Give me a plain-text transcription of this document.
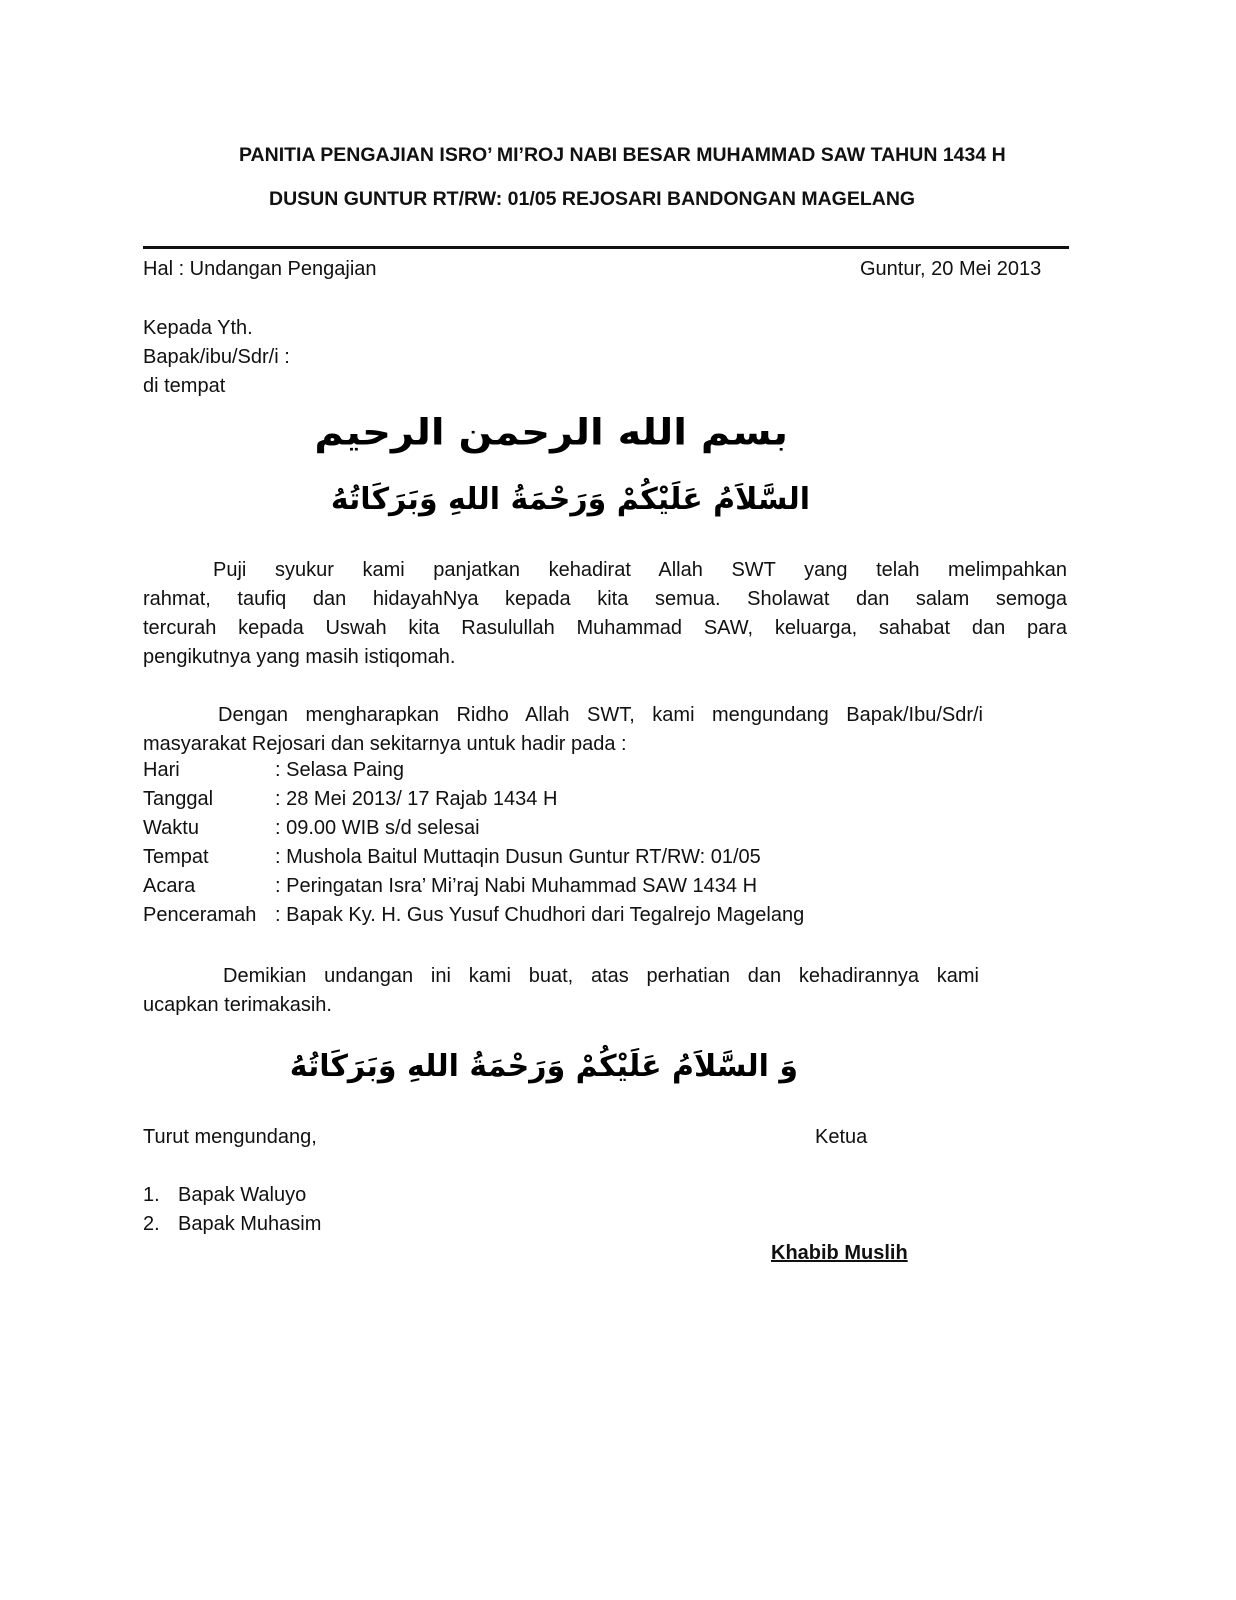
PANITIA PENGAJIAN ISRO’ MI’ROJ NABI BESAR MUHAMMAD SAW TAHUN 1434 H
DUSUN GUNTUR RT/RW: 01/05 REJOSARI BANDONGAN MAGELANG
Hal : Undangan Pengajian	Guntur, 20 Mei 2013
Kepada Yth.
Bapak/ibu/Sdr/i :
di tempat
بسم الله الرحمن الرحيم
السَّلاَمُ عَلَيْكُمْ وَرَحْمَةُ اللهِ وَبَرَكَاتُهُ
Puji syukur kami panjatkan kehadirat Allah SWT yang telah melimpahkan
rahmat, taufiq dan hidayahNya kepada kita semua. Sholawat dan salam semoga
tercurah kepada Uswah kita Rasulullah Muhammad SAW, keluarga, sahabat dan para
pengikutnya yang masih istiqomah.
Dengan mengharapkan Ridho Allah SWT, kami mengundang Bapak/Ibu/Sdr/i
masyarakat Rejosari dan sekitarnya untuk hadir pada :
Hari	: Selasa Paing
Tanggal	: 28 Mei 2013/ 17 Rajab 1434 H
Waktu	: 09.00 WIB s/d selesai
Tempat	: Mushola Baitul Muttaqin Dusun Guntur RT/RW: 01/05
Acara	: Peringatan Isra’ Mi’raj Nabi Muhammad SAW 1434 H
Penceramah : Bapak Ky. H. Gus Yusuf Chudhori dari Tegalrejo Magelang
Demikian undangan ini kami buat, atas perhatian dan kehadirannya kami
ucapkan terimakasih.
وَ السَّلاَمُ عَلَيْكُمْ وَرَحْمَةُ اللهِ وَبَرَكَاتُهُ
Turut mengundang,	Ketua
1. Bapak Waluyo
2. Bapak Muhasim
Khabib Muslih
